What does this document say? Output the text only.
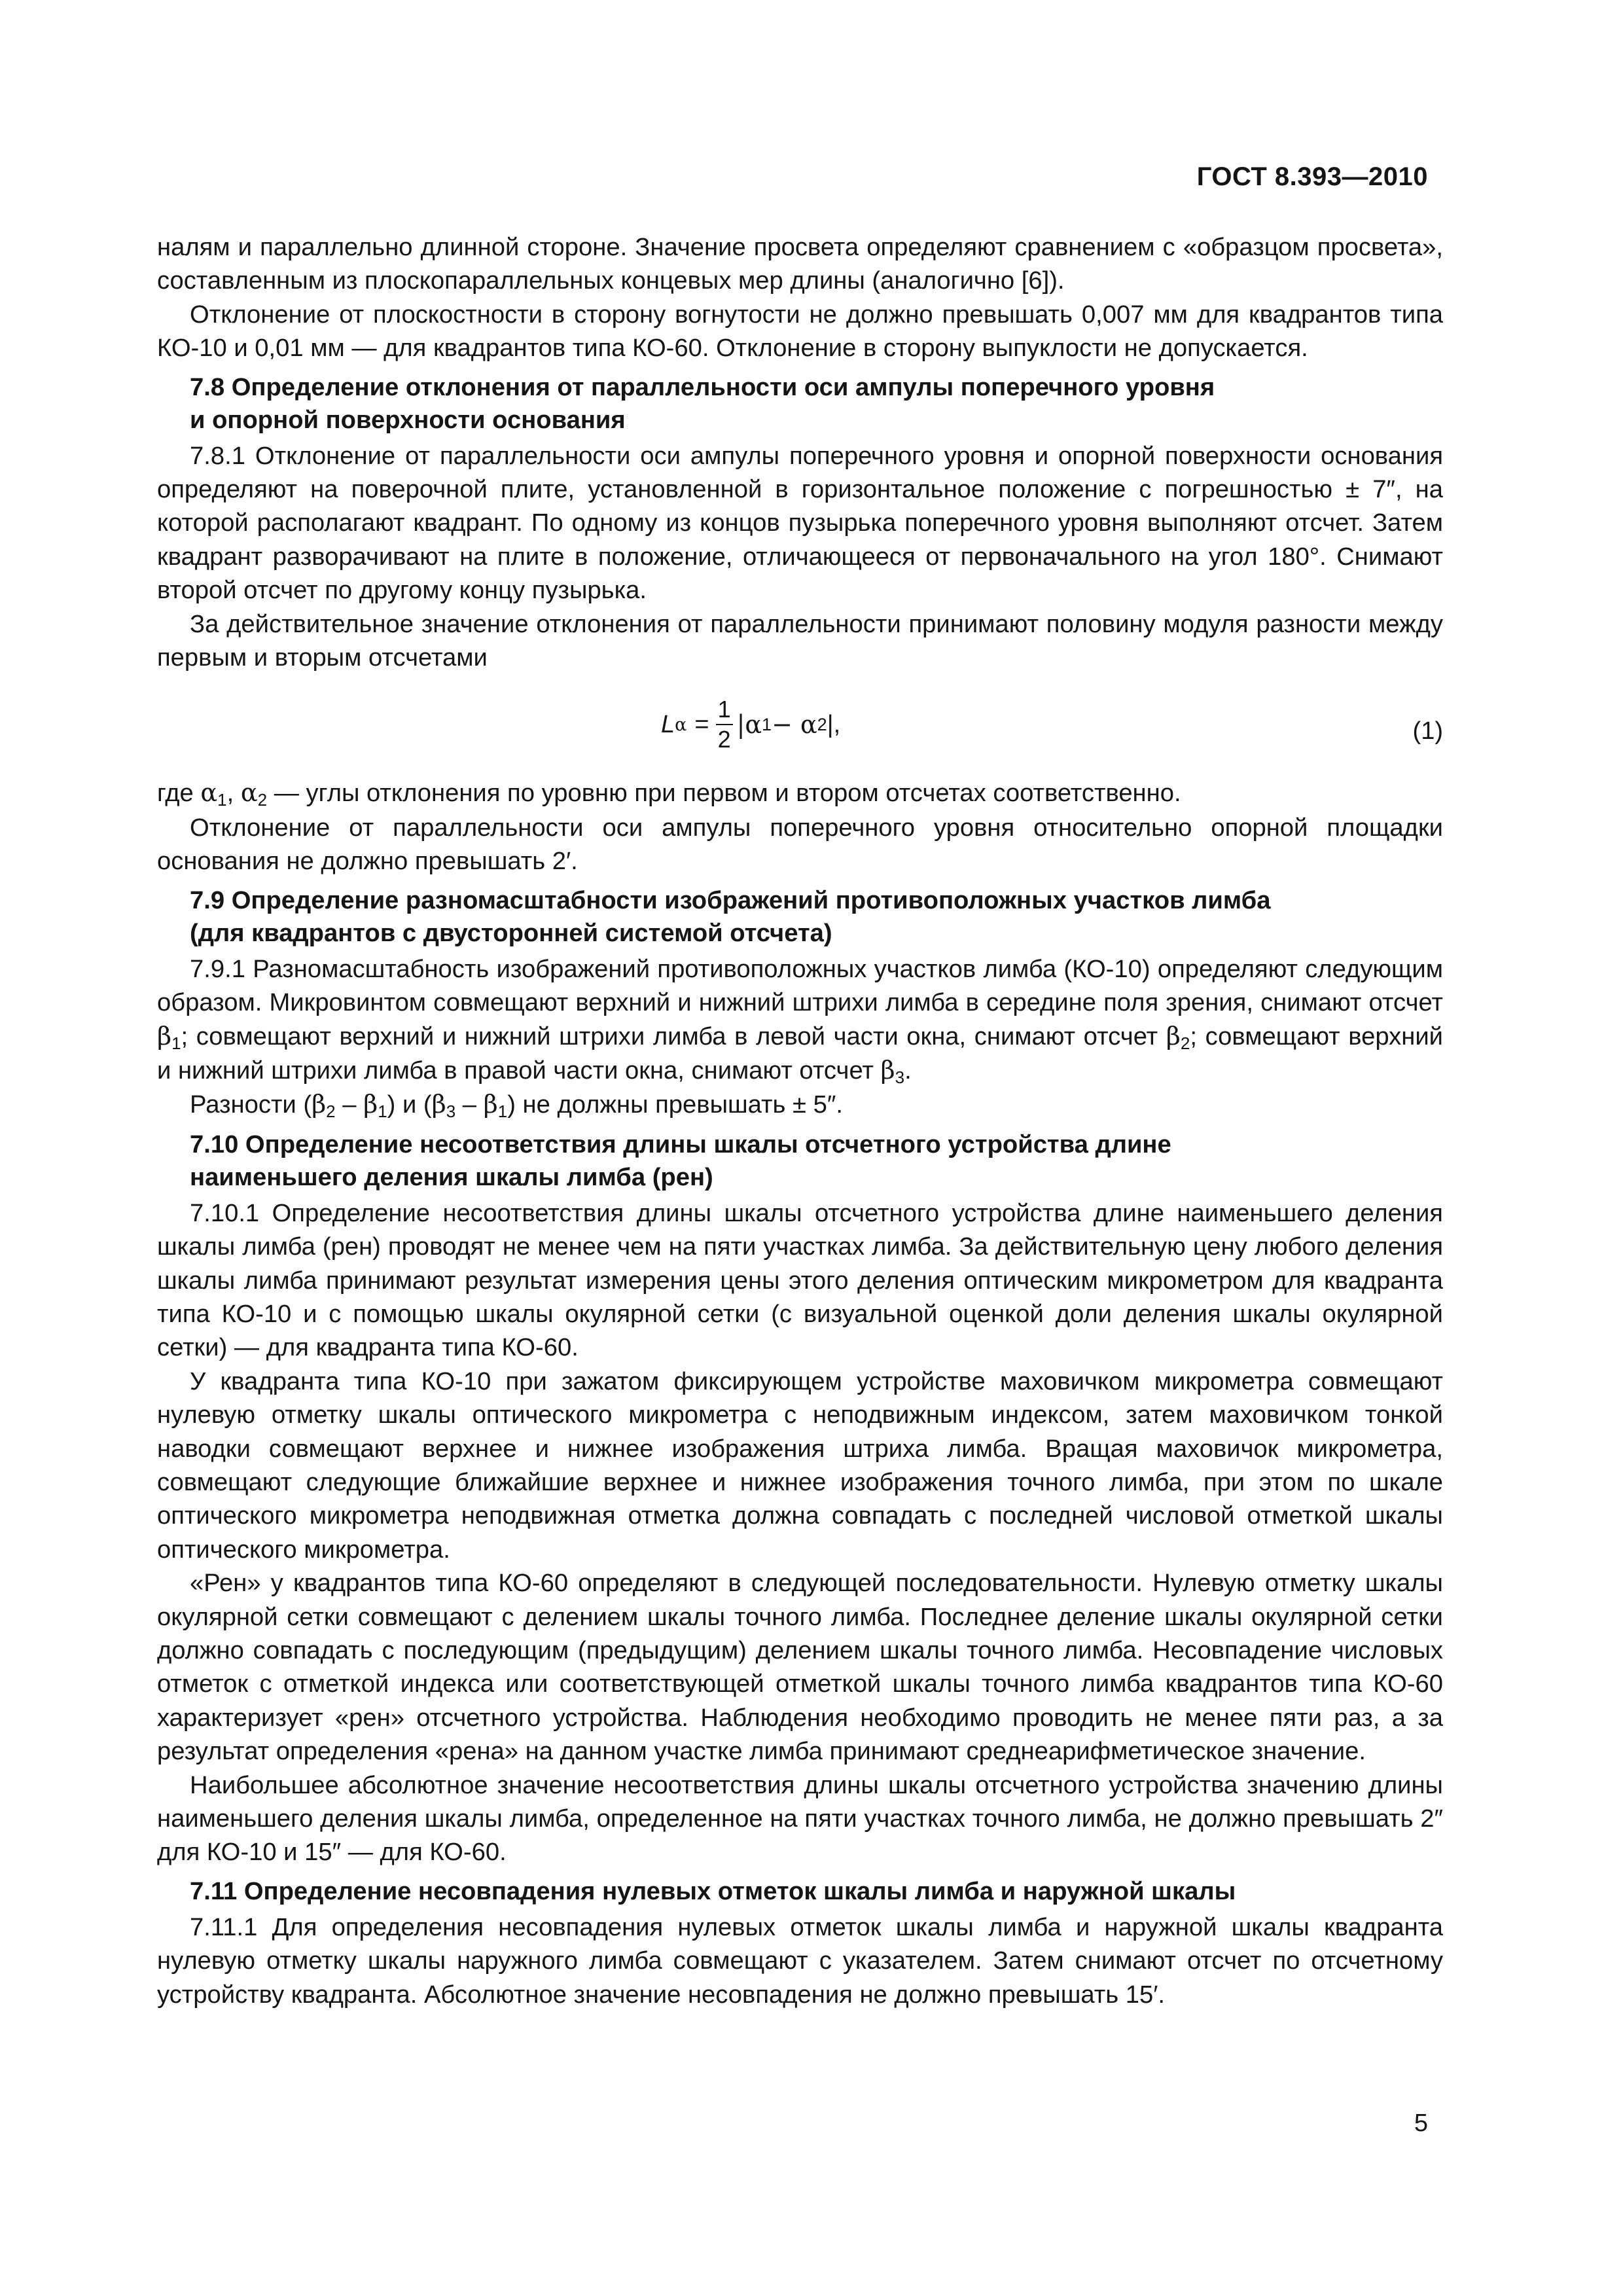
ГОСТ 8.393—2010

налям и параллельно длинной стороне. Значение просвета определяют сравнением с «образцом просвета», составленным из плоскопараллельных концевых мер длины (аналогично [6]).

Отклонение от плоскостности в сторону вогнутости не должно превышать 0,007 мм для квадрантов типа КО-10 и 0,01 мм — для квадрантов типа КО-60. Отклонение в сторону выпуклости не допускается.

7.8 Определение отклонения от параллельности оси ампулы поперечного уровня
и опорной поверхности основания

7.8.1 Отклонение от параллельности оси ампулы поперечного уровня и опорной поверхности основания определяют на поверочной плите, установленной в горизонтальное положение с погрешностью ± 7″, на которой располагают квадрант. По одному из концов пузырька поперечного уровня выполняют отсчет. Затем квадрант разворачивают на плите в положение, отличающееся от первоначального на угол 180°. Снимают второй отсчет по другому концу пузырька.

За действительное значение отклонения от параллельности принимают половину модуля разности между первым и вторым отсчетами

L $\alpha = \frac{1}{2} |\alpha$ 1 − α 2 |,	(1)

где $\alpha_1$, $\alpha_2$ — углы отклонения по уровню при первом и втором отсчетах соответственно.

Отклонение от параллельности оси ампулы поперечного уровня относительно опорной площадки основания не должно превышать 2′.

7.9 Определение разномасштабности изображений противоположных участков лимба
(для квадрантов с двусторонней системой отсчета)

7.9.1 Разномасштабность изображений противоположных участков лимба (КО-10) определяют следующим образом. Микровинтом совмещают верхний и нижний штрихи лимба в середине поля зрения, снимают отсчет $\beta_1$; совмещают верхний и нижний штрихи лимба в левой части окна, снимают отсчет $\beta_2$; совмещают верхний и нижний штрихи лимба в правой части окна, снимают отсчет $\beta_3$.

Разности $(\beta_2 - \beta_1)$ и $(\beta_3 - \beta_1)$ не должны превышать ± 5″.

7.10 Определение несоответствия длины шкалы отсчетного устройства длине
наименьшего деления шкалы лимба (рен)

7.10.1 Определение несоответствия длины шкалы отсчетного устройства длине наименьшего деления шкалы лимба (рен) проводят не менее чем на пяти участках лимба. За действительную цену любого деления шкалы лимба принимают результат измерения цены этого деления оптическим микрометром для квадранта типа КО-10 и с помощью шкалы окулярной сетки (с визуальной оценкой доли деления шкалы окулярной сетки) — для квадранта типа КО-60.

У квадранта типа КО-10 при зажатом фиксирующем устройстве маховичком микрометра совмещают нулевую отметку шкалы оптического микрометра с неподвижным индексом, затем маховичком тонкой наводки совмещают верхнее и нижнее изображения штриха лимба. Вращая маховичок микрометра, совмещают следующие ближайшие верхнее и нижнее изображения точного лимба, при этом по шкале оптического микрометра неподвижная отметка должна совпадать с последней числовой отметкой шкалы оптического микрометра.

«Рен» у квадрантов типа КО-60 определяют в следующей последовательности. Нулевую отметку шкалы окулярной сетки совмещают с делением шкалы точного лимба. Последнее деление шкалы окулярной сетки должно совпадать с последующим (предыдущим) делением шкалы точного лимба. Несовпадение числовых отметок с отметкой индекса или соответствующей отметкой шкалы точного лимба квадрантов типа КО-60 характеризует «рен» отсчетного устройства. Наблюдения необходимо проводить не менее пяти раз, а за результат определения «рена» на данном участке лимба принимают среднеарифметическое значение.

Наибольшее абсолютное значение несоответствия длины шкалы отсчетного устройства значению длины наименьшего деления шкалы лимба, определенное на пяти участках точного лимба, не должно превышать 2″ для КО-10 и 15″ — для КО-60.

7.11 Определение несовпадения нулевых отметок шкалы лимба и наружной шкалы

7.11.1 Для определения несовпадения нулевых отметок шкалы лимба и наружной шкалы квадранта нулевую отметку шкалы наружного лимба совмещают с указателем. Затем снимают отсчет по отсчетному устройству квадранта. Абсолютное значение несовпадения не должно превышать 15′.

5
